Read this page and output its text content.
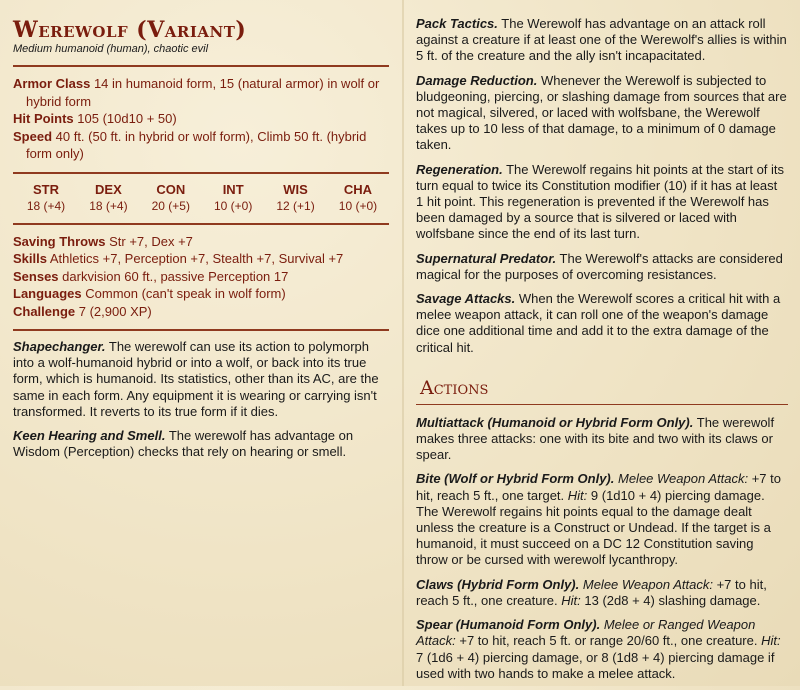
Werewolf (Variant)
Medium humanoid (human), chaotic evil

Armor Class 14 in humanoid form, 15 (natural armor) in wolf or hybrid form

Hit Points 105 (10d10 + 50)

Speed 40 ft. (50 ft. in hybrid or wolf form), Climb 50 ft. (hybrid form only)

STR
18 (+4)
DEX
18 (+4)
CON
20 (+5)
INT
10 (+0)
WIS
12 (+1)
CHA
10 (+0)

Saving Throws Str +7, Dex +7

Skills Athletics +7, Perception +7, Stealth +7, Survival +7

Senses darkvision 60 ft., passive Perception 17

Languages Common (can't speak in wolf form)

Challenge 7 (2,900 XP)

Shapechanger. The werewolf can use its action to polymorph into a wolf-humanoid hybrid or into a wolf, or back into its true form, which is humanoid. Its statistics, other than its AC, are the same in each form. Any equipment it is wearing or carrying isn't transformed. It reverts to its true form if it dies.

Keen Hearing and Smell. The werewolf has advantage on Wisdom (Perception) checks that rely on hearing or smell.

Pack Tactics. The Werewolf has advantage on an attack roll against a creature if at least one of the Werewolf's allies is within 5 ft. of the creature and the ally isn't incapacitated.

Damage Reduction. Whenever the Werewolf is subjected to bludgeoning, piercing, or slashing damage from sources that are not magical, silvered, or laced with wolfsbane, the Werewolf takes up to 10 less of that damage, to a minimum of 0 damage taken.

Regeneration. The Werewolf regains hit points at the start of its turn equal to twice its Constitution modifier (10) if it has at least 1 hit point. This regeneration is prevented if the Werewolf has been damaged by a source that is silvered or laced with wolfsbane since the end of its last turn.

Supernatural Predator. The Werewolf's attacks are considered magical for the purposes of overcoming resistances.

Savage Attacks. When the Werewolf scores a critical hit with a melee weapon attack, it can roll one of the weapon's damage dice one additional time and add it to the extra damage of the critical hit.

Actions

Multiattack (Humanoid or Hybrid Form Only). The werewolf makes three attacks: one with its bite and two with its claws or spear.

Bite (Wolf or Hybrid Form Only). Melee Weapon Attack: +7 to hit, reach 5 ft., one target. Hit: 9 (1d10 + 4) piercing damage. The Werewolf regains hit points equal to the damage dealt unless the creature is a Construct or Undead. If the target is a humanoid, it must succeed on a DC 12 Constitution saving throw or be cursed with werewolf lycanthropy.

Claws (Hybrid Form Only). Melee Weapon Attack: +7 to hit, reach 5 ft., one creature. Hit: 13 (2d8 + 4) slashing damage.

Spear (Humanoid Form Only). Melee or Ranged Weapon Attack: +7 to hit, reach 5 ft. or range 20/60 ft., one creature. Hit: 7 (1d6 + 4) piercing damage, or 8 (1d8 + 4) piercing damage if used with two hands to make a melee attack.
